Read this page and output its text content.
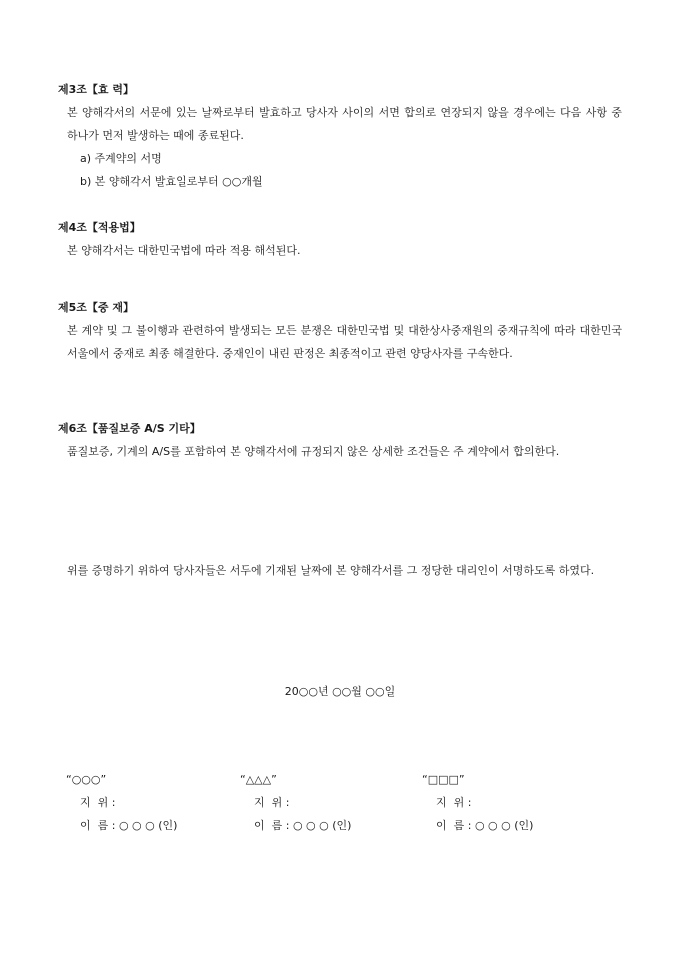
제3조【효 력】

본 양해각서의 서문에 있는 날짜로부터 발효하고 당사자 사이의 서면 합의로 연장되지 않을 경우에는 다음 사항 중 하나가 먼저 발생하는 때에 종료된다.

a) 주계약의 서명

b) 본 양해각서 발효일로부터 ○○개월

제4조【적용법】

본 양해각서는 대한민국법에 따라 적용 해석된다.

제5조【중 재】

본 계약 및 그 불이행과 관련하여 발생되는 모든 분쟁은 대한민국법 및 대한상사중재원의 중재규칙에 따라 대한민국 서울에서 중재로 최종 해결한다. 중재인이 내린 판정은 최종적이고 관련 양당사자를 구속한다.

제6조【품질보증 A/S 기타】

품질보증, 기계의 A/S를 포함하여 본 양해각서에 규정되지 않은 상세한 조건들은 주 계약에서 합의한다.

위를 증명하기 위하여 당사자들은 서두에 기재된 날짜에 본 양해각서를 그 정당한 대리인이 서명하도록 하였다.

20○○년 ○○월 ○○일

“○○○”

지  위 :

이  름 : ○ ○ ○ (인)

“△△△”

지  위 :

이  름 : ○ ○ ○ (인)

“□□□”

지  위 :

이  름 : ○ ○ ○ (인)
